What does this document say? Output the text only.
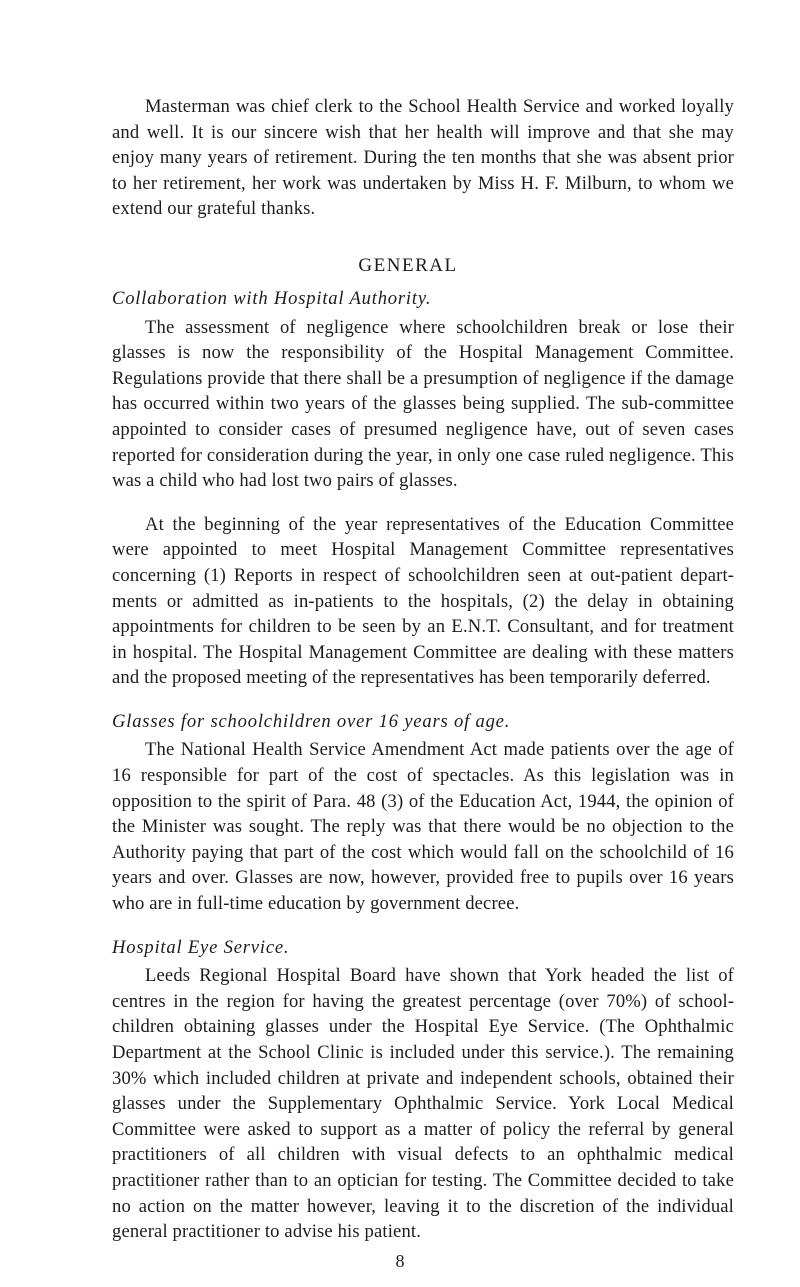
Masterman was chief clerk to the School Health Service and worked loyally and well. It is our sincere wish that her health will improve and that she may enjoy many years of retirement. During the ten months that she was absent prior to her retirement, her work was undertaken by Miss H. F. Milburn, to whom we extend our grateful thanks.

GENERAL
Collaboration with Hospital Authority.

The assessment of negligence where schoolchildren break or lose their glasses is now the responsibility of the Hospital Management Committee. Regulations provide that there shall be a presumption of negligence if the damage has occurred within two years of the glasses being supplied. The sub-committee appointed to consider cases of presumed negligence have, out of seven cases reported for consideration during the year, in only one case ruled negligence. This was a child who had lost two pairs of glasses.

At the beginning of the year representatives of the Education Committee were appointed to meet Hospital Management Committee representatives concerning (1) Reports in respect of schoolchildren seen at out-patient departments or admitted as in-patients to the hospitals, (2) the delay in obtaining appointments for children to be seen by an E.N.T. Consultant, and for treatment in hospital. The Hospital Management Committee are dealing with these matters and the proposed meeting of the representatives has been temporarily deferred.

Glasses for schoolchildren over 16 years of age.

The National Health Service Amendment Act made patients over the age of 16 responsible for part of the cost of spectacles. As this legislation was in opposition to the spirit of Para. 48 (3) of the Education Act, 1944, the opinion of the Minister was sought. The reply was that there would be no objection to the Authority paying that part of the cost which would fall on the schoolchild of 16 years and over. Glasses are now, however, provided free to pupils over 16 years who are in full-time education by government decree.

Hospital Eye Service.

Leeds Regional Hospital Board have shown that York headed the list of centres in the region for having the greatest percentage (over 70%) of schoolchildren obtaining glasses under the Hospital Eye Service. (The Ophthalmic Department at the School Clinic is included under this service.). The remaining 30% which included children at private and independent schools, obtained their glasses under the Supplementary Ophthalmic Service. York Local Medical Committee were asked to support as a matter of policy the referral by general practitioners of all children with visual defects to an ophthalmic medical practitioner rather than to an optician for testing. The Committee decided to take no action on the matter however, leaving it to the discretion of the individual general practitioner to advise his patient.

8
